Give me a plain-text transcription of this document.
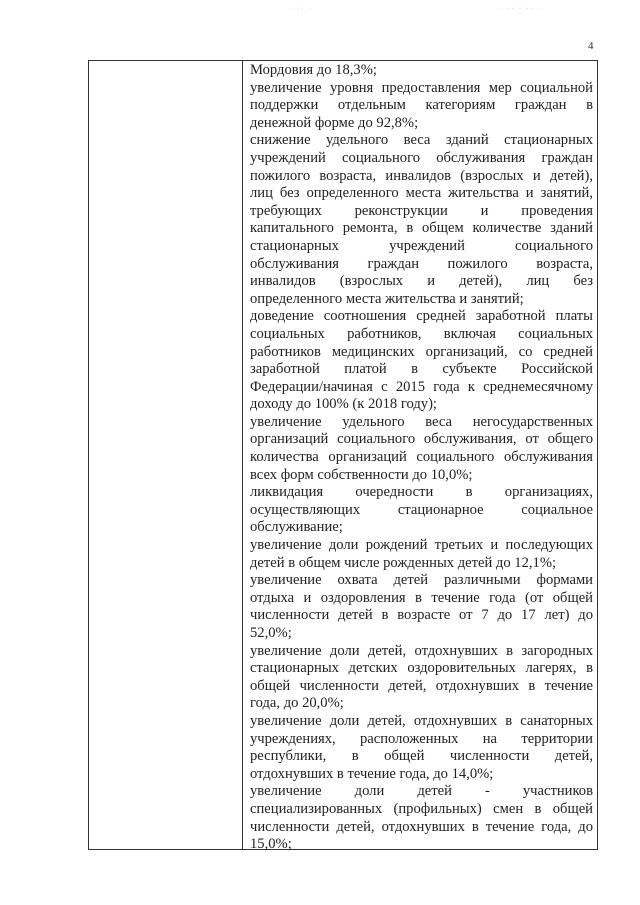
· ·· ·	· ·· · ·· ·
4

Мордовия до 18,3%;

увеличение уровня предоставления мер социальной

поддержки отдельным категориям граждан в

денежной форме до 92,8%;

снижение удельного веса зданий стационарных

учреждений социального обслуживания граждан

пожилого возраста, инвалидов (взрослых и детей),

лиц без определенного места жительства и занятий,

требующих реконструкции и проведения

капитального ремонта, в общем количестве зданий

стационарных учреждений социального

обслуживания граждан пожилого возраста,

инвалидов (взрослых и детей), лиц без

определенного места жительства и занятий;

доведение соотношения средней заработной платы

социальных работников, включая социальных

работников медицинских организаций, со средней

заработной платой в субъекте Российской

Федерации/начиная с 2015 года к среднемесячному

доходу до 100% (к 2018 году);

увеличение удельного веса негосударственных

организаций социального обслуживания, от общего

количества организаций социального обслуживания

всех форм собственности до 10,0%;

ликвидация очередности в организациях,

осуществляющих стационарное социальное

обслуживание;

увеличение доли рождений третьих и последующих

детей в общем числе рожденных детей до 12,1%;

увеличение охвата детей различными формами

отдыха и оздоровления в течение года (от общей

численности детей в возрасте от 7 до 17 лет) до

52,0%;

увеличение доли детей, отдохнувших в загородных

стационарных детских оздоровительных лагерях, в

общей численности детей, отдохнувших в течение

года, до 20,0%;

увеличение доли детей, отдохнувших в санаторных

учреждениях, расположенных на территории

республики, в общей численности детей,

отдохнувших в течение года, до 14,0%;

увеличение доли детей - участников

специализированных (профильных) смен в общей

численности детей, отдохнувших в течение года, до

15,0%;
